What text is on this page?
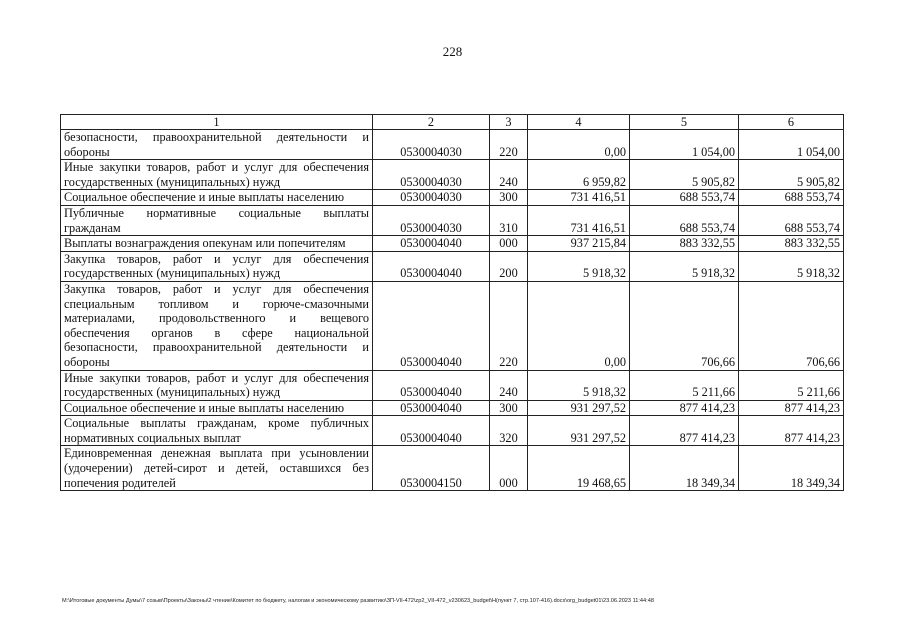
228
1	2	3	4	5	6
безопасности, правоохранительной деятельности и обороны	0530004030	220	0,00	1 054,00	1 054,00
Иные закупки товаров, работ и услуг для обеспечения государственных (муниципальных) нужд	0530004030	240	6 959,82	5 905,82	5 905,82
Социальное обеспечение и иные выплаты населению	0530004030	300	731 416,51	688 553,74	688 553,74
Публичные нормативные социальные выплаты гражданам	0530004030	310	731 416,51	688 553,74	688 553,74
Выплаты вознаграждения опекунам или попечителям	0530004040	000	937 215,84	883 332,55	883 332,55
Закупка товаров, работ и услуг для обеспечения государственных (муниципальных) нужд	0530004040	200	5 918,32	5 918,32	5 918,32
Закупка товаров, работ и услуг для обеспечения специальным топливом и горюче-смазочными материалами, продовольственного и вещевого обеспечения органов в сфере национальной безопасности, правоохранительной деятельности и обороны	0530004040	220	0,00	706,66	706,66
Иные закупки товаров, работ и услуг для обеспечения государственных (муниципальных) нужд	0530004040	240	5 918,32	5 211,66	5 211,66
Социальное обеспечение и иные выплаты населению	0530004040	300	931 297,52	877 414,23	877 414,23
Социальные выплаты гражданам, кроме публичных нормативных социальных выплат	0530004040	320	931 297,52	877 414,23	877 414,23
Единовременная денежная выплата при усыновлении (удочерении) детей-сирот и детей, оставшихся без попечения родителей	0530004150	000	19 468,65	18 349,34	18 349,34
M:\Итоговые документы Думы\7 созыв\Проекты\Законы\2 чтение\Комитет по бюджету, налогам и экономическому развитию\ЗП-VII-472\zp2_VII-472_v230623_budget\Н(пункт 7, стр.107-416).docx\org_budget01\23.06.2023 11:44:48
